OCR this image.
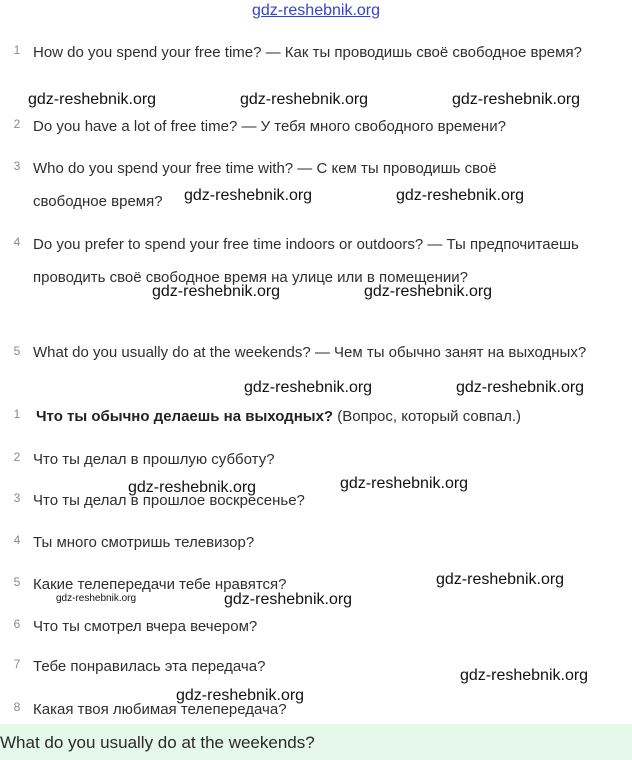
gdz-reshebnik.org
1 How do you spend your free time? — Как ты проводишь своё свободное время?
2 Do you have a lot of free time? — У тебя много свободного времени?
3 Who do you spend your free time with? — С кем ты проводишь своё свободное время?
4 Do you prefer to spend your free time indoors or outdoors? — Ты предпочитаешь проводить своё свободное время на улице или в помещении?
5 What do you usually do at the weekends? — Чем ты обычно занят на выходных?
1 Что ты обычно делаешь на выходных? (Вопрос, который совпал.)
2 Что ты делал в прошлую субботу?
3 Что ты делал в прошлое воскресенье?
4 Ты много смотришь телевизор?
5 Какие телепередачи тебе нравятся?
6 Что ты смотрел вчера вечером?
7 Тебе понравилась эта передача?
8 Какая твоя любимая телепередача?
gdz-reshebnik.org	gdz-reshebnik.org	gdz-reshebnik.org
gdz-reshebnik.org	gdz-reshebnik.org
gdz-reshebnik.org	gdz-reshebnik.org
gdz-reshebnik.org	gdz-reshebnik.org
gdz-reshebnik.org	gdz-reshebnik.org
gdz-reshebnik.org
gdz-reshebnik.org	gdz-reshebnik.org
gdz-reshebnik.org
gdz-reshebnik.org
What do you usually do at the weekends?
